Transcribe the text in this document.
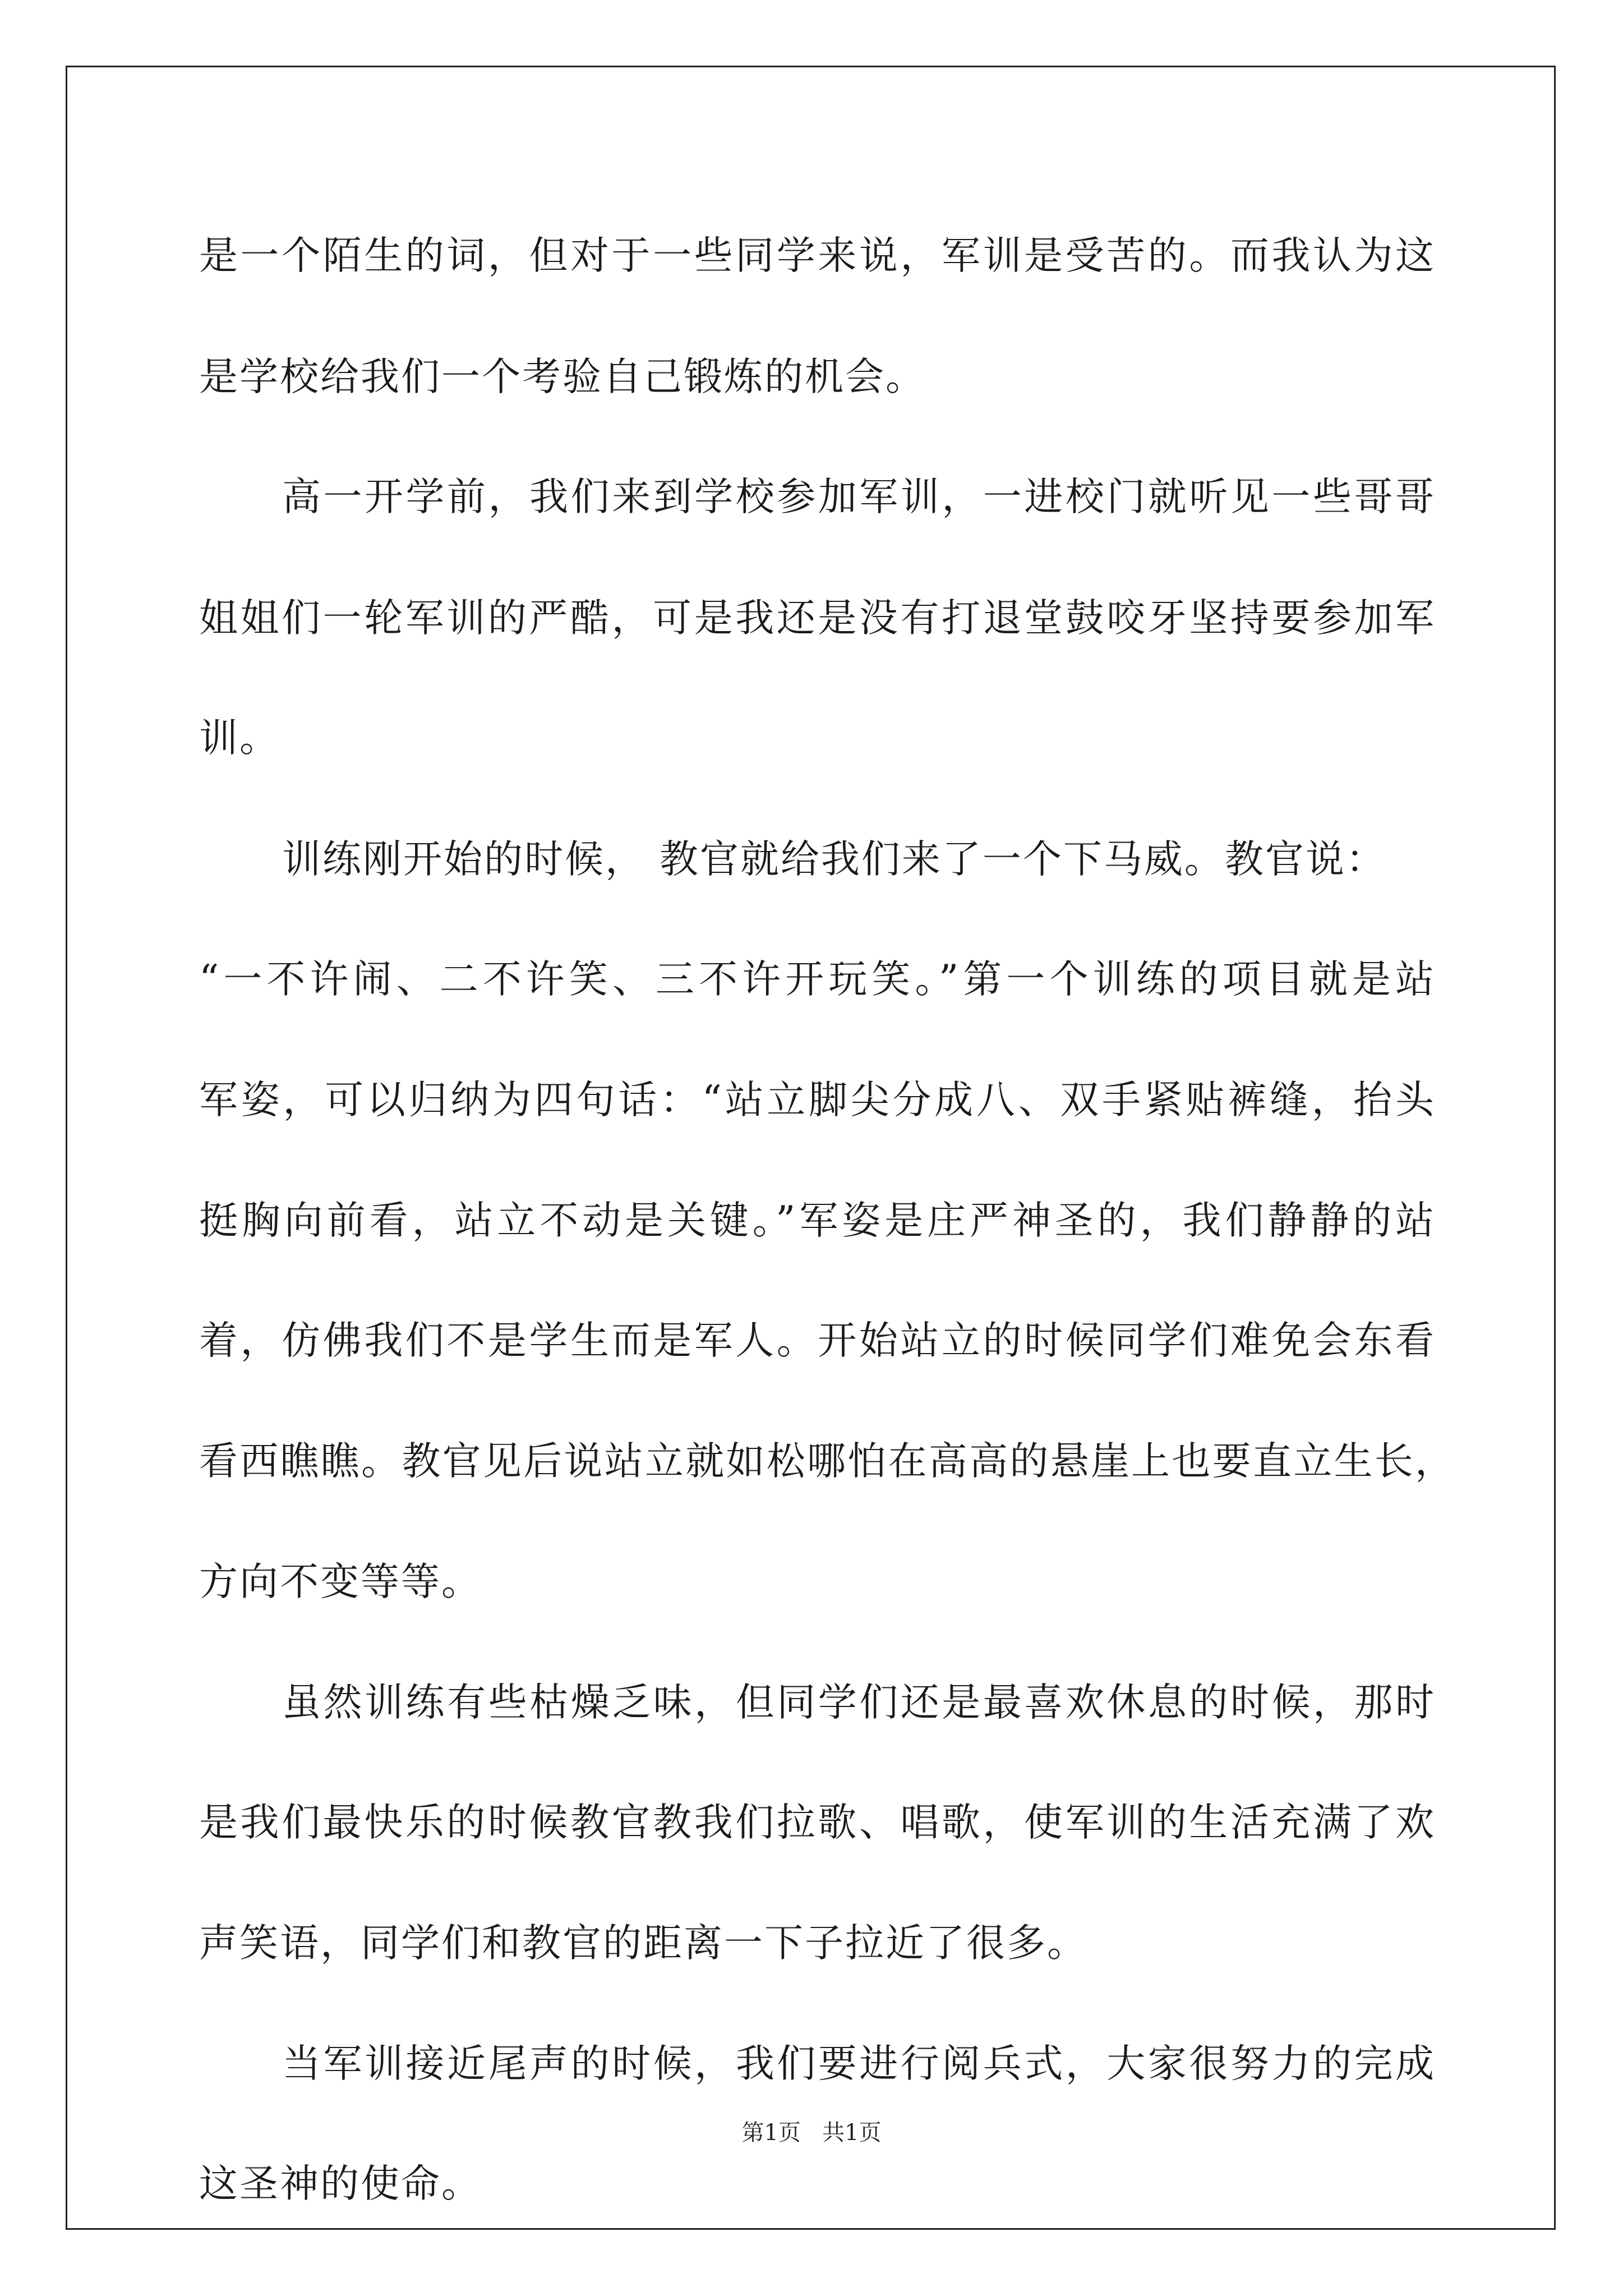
是一个陌生的词，但对于一些同学来说，军训是受苦的。而我认为这
是学校给我们一个考验自己锻炼的机会。
高一开学前，我们来到学校参加军训，一进校门就听见一些哥哥
姐姐们一轮军训的严酷，可是我还是没有打退堂鼓咬牙坚持要参加军
训。
训练刚开始的时候， 教官就给我们来了一个下马威。教官说：
“一不许闹、二不许笑、三不许开玩笑。”第一个训练的项目就是站
军姿，可以归纳为四句话：“站立脚尖分成八、双手紧贴裤缝，抬头
挺胸向前看，站立不动是关键。”军姿是庄严神圣的，我们静静的站
着，仿佛我们不是学生而是军人。开始站立的时候同学们难免会东看
看西瞧瞧。教官见后说站立就如松哪怕在高高的悬崖上也要直立生长，
方向不变等等。
虽然训练有些枯燥乏味，但同学们还是最喜欢休息的时候，那时
是我们最快乐的时候教官教我们拉歌、唱歌，使军训的生活充满了欢
声笑语，同学们和教官的距离一下子拉近了很多。
当军训接近尾声的时候，我们要进行阅兵式，大家很努力的完成
这圣神的使命。
第1页   共1页
